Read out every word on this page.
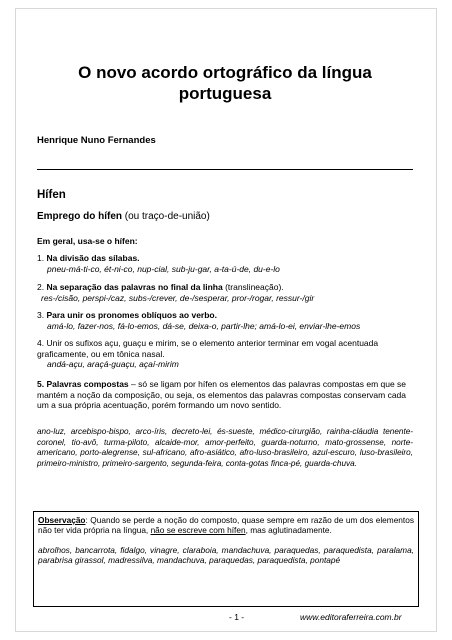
O novo acordo ortográfico da língua portuguesa
Henrique Nuno Fernandes
Hífen
Emprego do hífen (ou traço-de-união)
Em geral, usa-se o hífen:
1. Na divisão das sílabas.
pneu-má-ti-co, ét-ni-co, nup-cial, sub-ju-gar, a-ta-ú-de, du-e-lo
2. Na separação das palavras no final da linha (translineação).
res-/cisão, perspi-/caz, subs-/crever, de-/sesperar, pror-/rogar, ressur-/gir
3. Para unir os pronomes oblíquos ao verbo.
amá-lo, fazer-nos, fá-lo-emos, dá-se, deixa-o, partir-lhe; amá-lo-ei, enviar-lhe-emos
4. Unir os sufixos açu, guaçu e mirim, se o elemento anterior terminar em vogal acentuada graficamente, ou em tônica nasal.
andá-açu, araçá-guaçu, açaí-mirim
5. Palavras compostas – só se ligam por hífen os elementos das palavras compostas em que se mantém a noção da composição, ou seja, os elementos das palavras compostas conservam cada um a sua própria acentuação, porém formando um novo sentido.
ano-luz, arcebispo-bispo, arco-íris, decreto-lei, és-sueste, médico-cirurgião, rainha-cláudia tenente-coronel, tio-avô, turma-piloto, alcaide-mor, amor-perfeito, guarda-noturno, mato-grossense, norte-americano, porto-alegrense, sul-africano, afro-asiático, afro-luso-brasileiro, azul-escuro, luso-brasileiro, primeiro-ministro, primeiro-sargento, segunda-feira, conta-gotas finca-pé, guarda-chuva.
Observação: Quando se perde a noção do composto, quase sempre em razão de um dos elementos não ter vida própria na língua, não se escreve com hífen, mas aglutinadamente.
abrolhos, bancarrota, fidalgo, vinagre, claraboia, mandachuva, paraquedas, paraquedista, paralama, parabrisa girassol, madressilva, mandachuva, paraquedas, paraquedista, pontapé
- 1 -	www.editoraferreira.com.br
